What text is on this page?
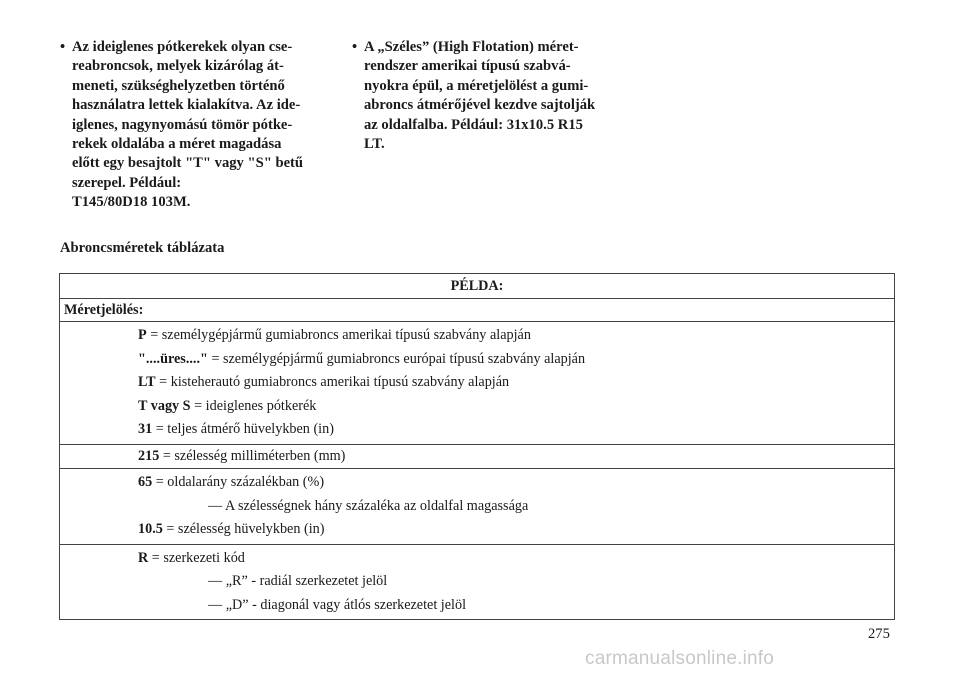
• Az ideiglenes pótkerekek olyan cse-

reabroncsok, melyek kizárólag át-

meneti, szükséghelyzetben történő

használatra lettek kialakítva. Az ide-

iglenes, nagynyomású tömör pótke-

rekek oldalába a méret magadása

előtt egy besajtolt "T" vagy "S" betű

szerepel. Például:

T145/80D18 103M.

• A „Széles” (High Flotation) méret-

rendszer amerikai típusú szabvá-

nyokra épül, a méretjelölést a gumi-

abroncs átmérőjével kezdve sajtolják

az oldalfalba. Például: 31x10.5 R15

LT.

Abroncsméretek táblázata
PÉLDA:
Méretjelölés:

P = személygépjármű gumiabroncs amerikai típusú szabvány alapján
"....üres...." = személygépjármű gumiabroncs európai típusú szabvány alapján
LT = kisteherautó gumiabroncs amerikai típusú szabvány alapján
T vagy S = ideiglenes pótkerék
31 = teljes átmérő hüvelykben (in)

215 = szélesség milliméterben (mm)

65 = oldalarány százalékban (%)
— A szélességnek hány százaléka az oldalfal magassága
10.5 = szélesség hüvelykben (in)

R = szerkezeti kód
— „R” - radiál szerkezetet jelöl
— „D” - diagonál vagy átlós szerkezetet jelöl
275
carmanualsonline.info
